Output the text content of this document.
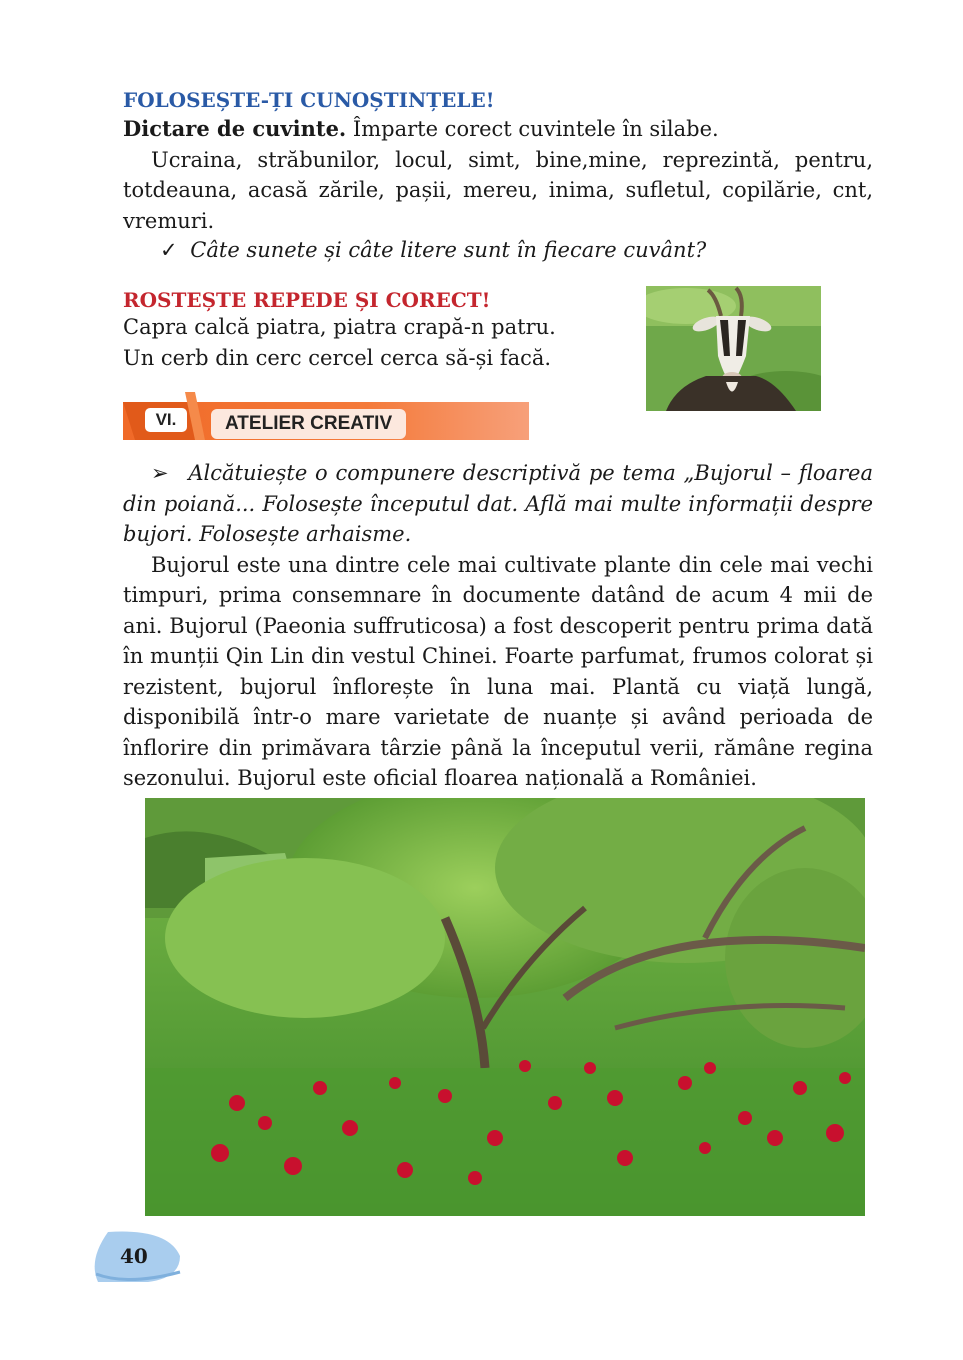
FOLOSEȘTE-ȚI CUNOȘTINȚELE!

Dictare de cuvinte. Împarte corect cuvintele în silabe.

Ucraina, străbunilor, locul, simt, bine,mine, reprezintă, pentru, totdeauna, acasă zările, pașii, mereu, inima, sufletul, copilărie, cnt, vremuri.

✓ Câte sunete și câte litere sunt în fiecare cuvânt?
ROSTEȘTE REPEDE ȘI CORECT!

Capra calcă piatra, piatra crapă-n patru.

Un cerb din cerc cercel cerca să-și facă.

VI.	ATELIER CREATIV

➢ Alcătuiește o compunere descriptivă pe tema „Bujorul – floarea din poiană... Folosește începutul dat. Află mai multe informații despre bujori. Folosește arhaisme.

Bujorul este una dintre cele mai cultivate plante din cele mai vechi timpuri, prima consemnare în documente datând de acum 4 mii de ani. Bujorul (Paeonia suffruticosa) a fost descoperit pentru prima dată în munții Qin Lin din vestul Chinei. Foarte parfumat, frumos colorat și rezistent, bujorul înflorește în luna mai. Plantă cu viață lungă, disponibilă într-o mare varietate de nuanțe și având perioada de înflorire din primăvara târzie până la începutul verii, rămâne regina sezonului. Bujorul este oficial floarea națională a României.

40
